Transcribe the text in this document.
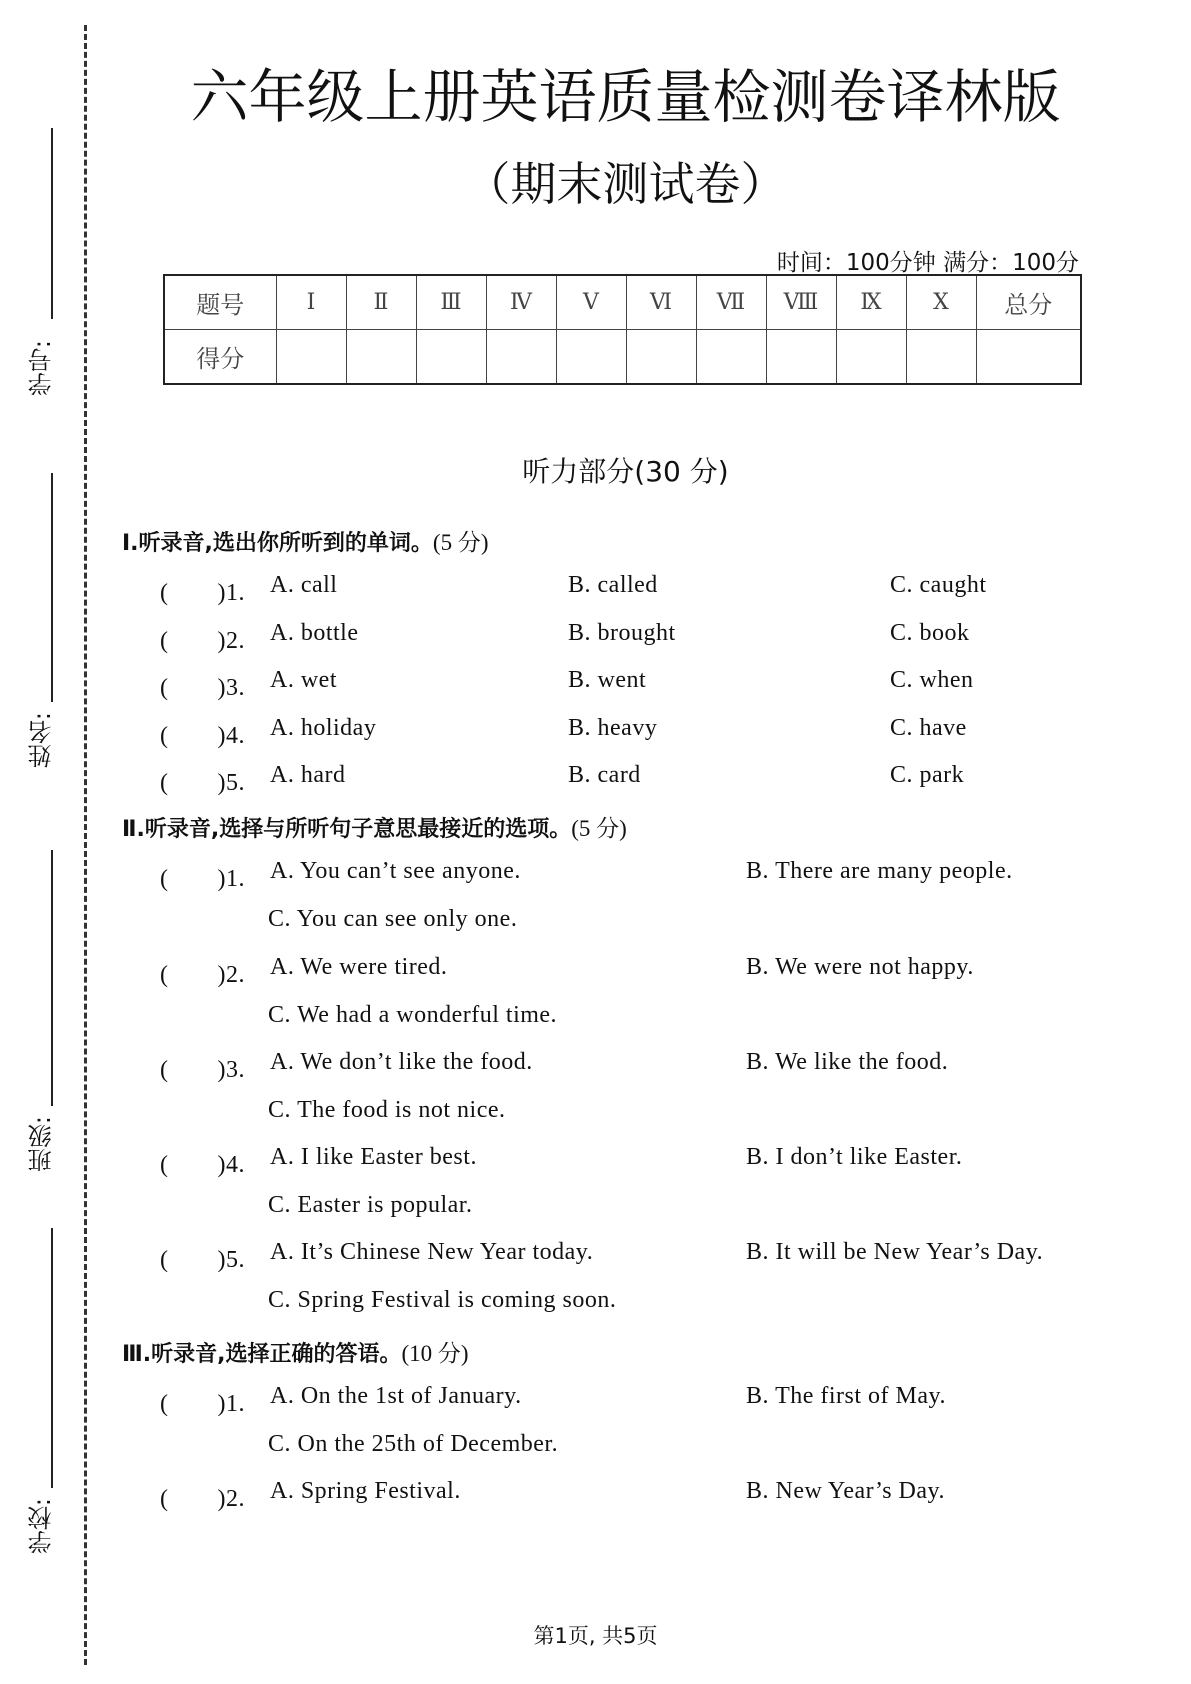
学号:
姓名:
班级:
学校:
六年级上册英语质量检测卷译林版
（期末测试卷）
时间：100分钟 满分：100分
题号	Ⅰ	Ⅱ	Ⅲ	Ⅳ	Ⅴ	Ⅵ	Ⅶ	Ⅷ	Ⅸ	Ⅹ	总分
得分											
听力部分(30 分)
Ⅰ.听录音,选出你所听到的单词。(5 分)
(　　)1. A. call	B. called	C. caught
(　　)2. A. bottle	B. brought	C. book
(　　)3. A. wet	B. went	C. when
(　　)4. A. holiday	B. heavy	C. have
(　　)5. A. hard	B. card	C. park
Ⅱ.听录音,选择与所听句子意思最接近的选项。(5 分)
(　　)1. A. You can’t see anyone.	B. There are many people.
C. You can see only one.
(　　)2. A. We were tired.	B. We were not happy.
C. We had a wonderful time.
(　　)3. A. We don’t like the food.	B. We like the food.
C. The food is not nice.
(　　)4. A. I like Easter best.	B. I don’t like Easter.
C. Easter is popular.
(　　)5. A. It’s Chinese New Year today.	B. It will be New Year’s Day.
C. Spring Festival is coming soon.
Ⅲ.听录音,选择正确的答语。(10 分)
(　　)1. A. On the 1st of January.	B. The first of May.
C. On the 25th of December.
(　　)2. A. Spring Festival.	B. New Year’s Day.
第1页, 共5页
